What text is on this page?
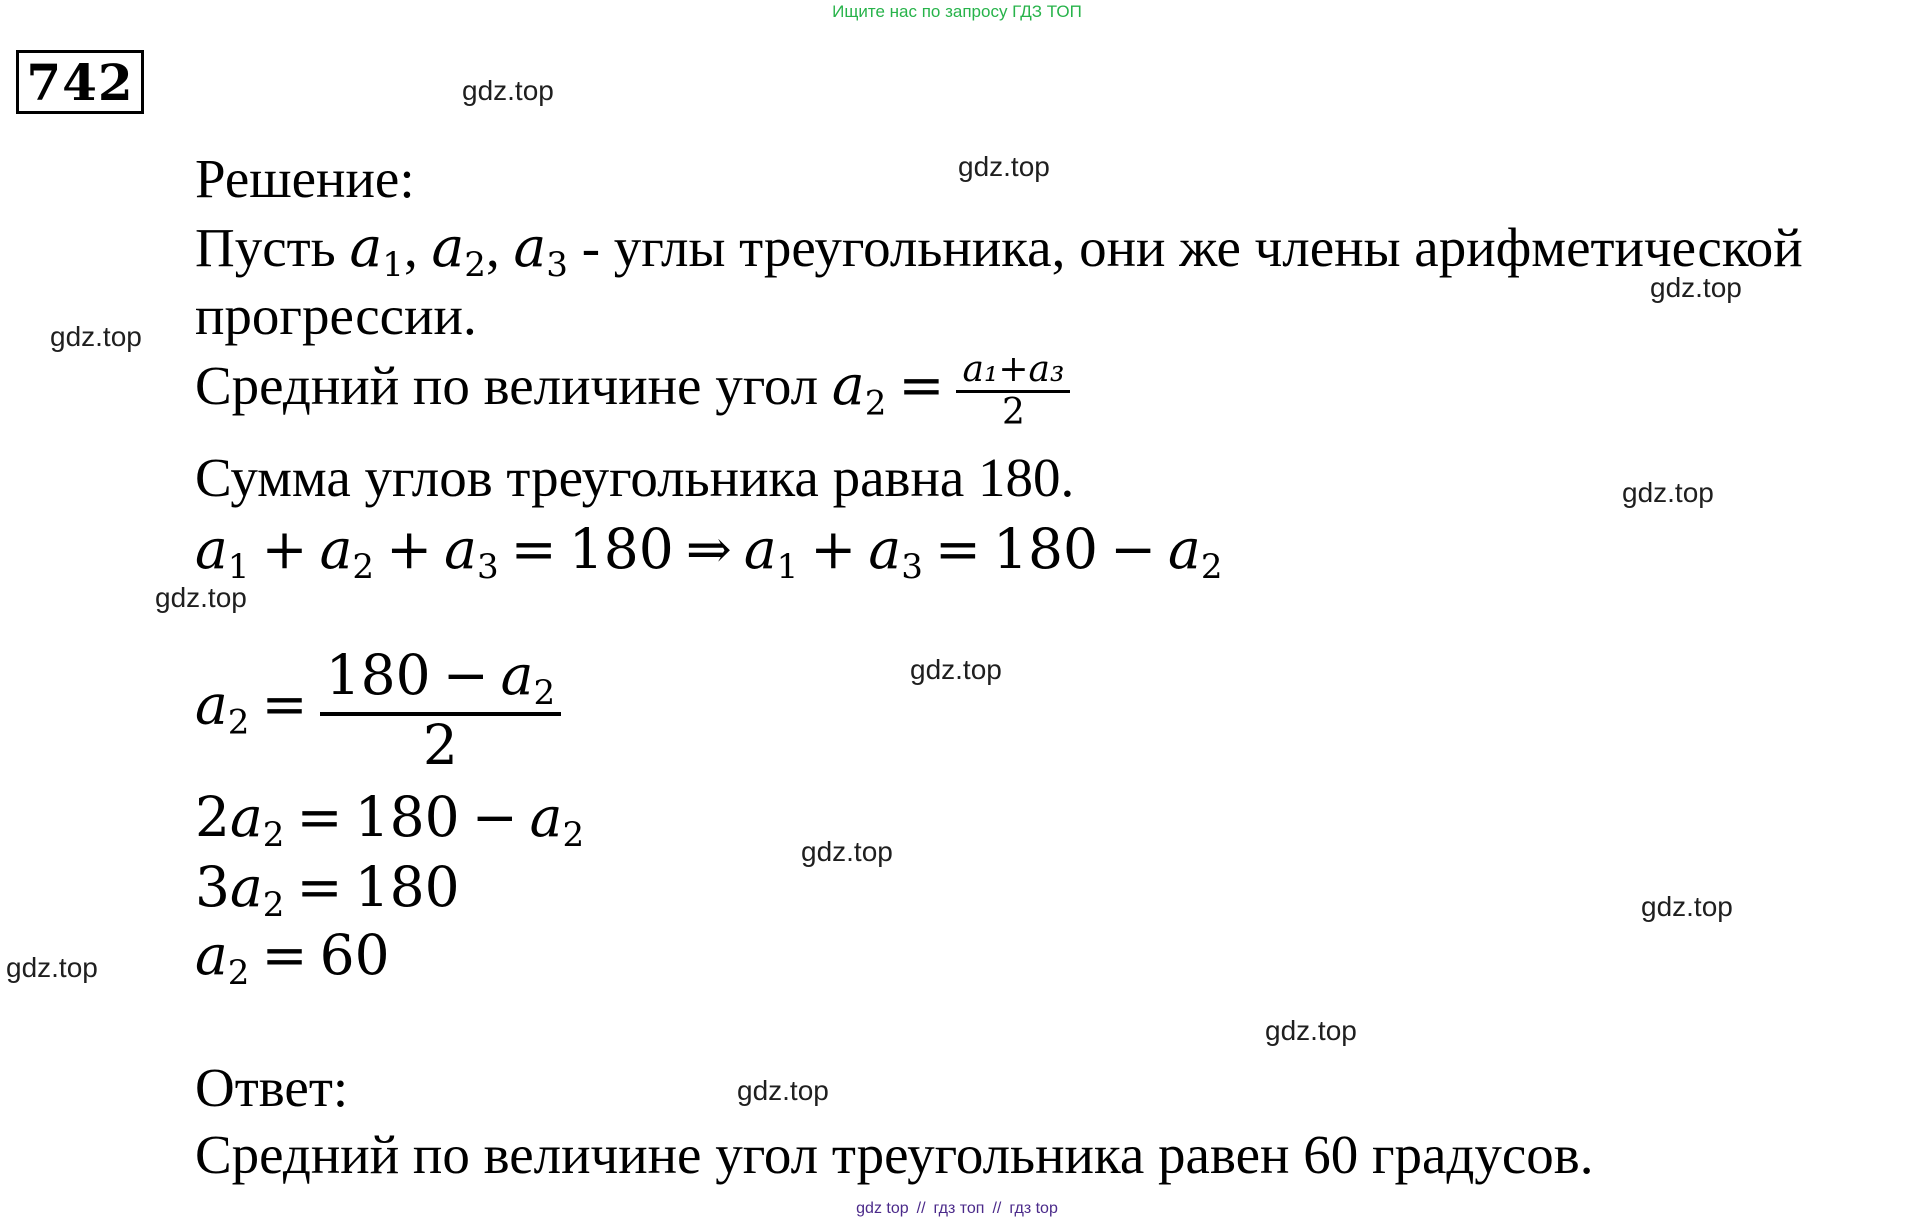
Ищите нас по запросу ГДЗ ТОП
742	gdz.top
gdz.top
gdz.top
gdz.top
gdz.top
gdz.top
gdz.top
gdz.top
gdz.top
gdz.top
gdz.top
gdz.top
Решение:
Пусть $a_1$, $a_2$, $a_3$ - углы треугольника, они же члены арифметической
прогрессии.
Средний по величине угол $a_2 = \frac{\text{a₁+a₃}}{2}$
Сумма углов треугольника равна 180.
$a_1 + a_2 + a_3 = 180$ ⇒ $a_1 + a_3 = 180 - a_2$
$a_2 = \frac{180 - a_2}{2}$
$2a_2 = 180 - a_2$
$3a_2 = 180$
$a_2 = 60$
Ответ:
Средний по величине угол треугольника равен 60 градусов.
gdz top // гдз топ // гдз top
